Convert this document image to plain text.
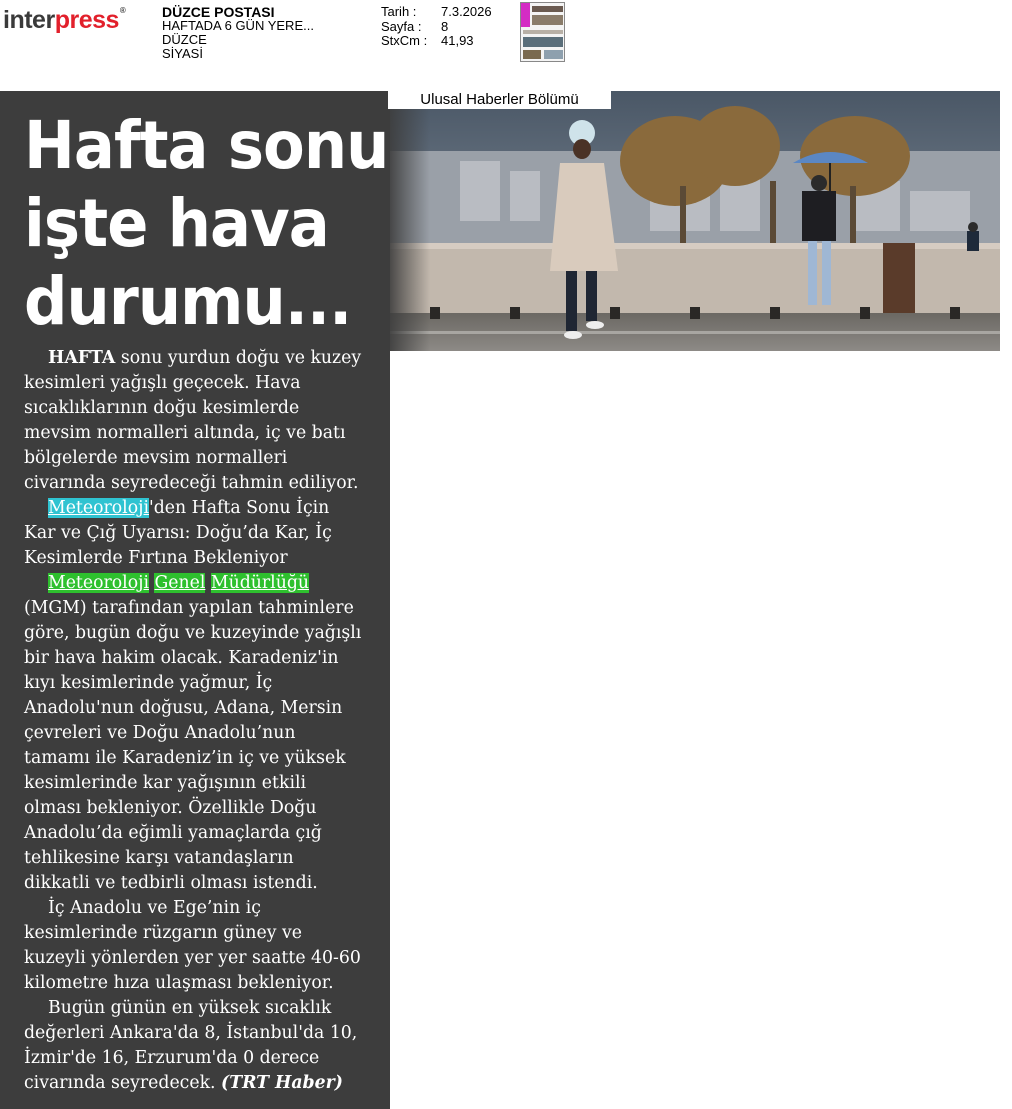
inter press ®	DÜZCE POSTASI
HAFTADA 6 GÜN YERE...
DÜZCE
SİYASİ
Tarih :	7.3.2026
Sayfa :	8
StxCm :	41,93
Hafta sonu
işte hava
durumu...

HAFTA sonu yurdun doğu ve kuzey kesimleri yağışlı geçecek. Hava sıcaklıklarının doğu kesimlerde mevsim normalleri altında, iç ve batı bölgelerde mevsim normalleri civarında seyredeceği tahmin ediliyor.

Meteoroloji'den Hafta Sonu İçin Kar ve Çığ Uyarısı: Doğu’da Kar, İç Kesimlerde Fırtına Bekleniyor

Meteoroloji Genel Müdürlüğü (MGM) tarafından yapılan tahminlere göre, bugün doğu ve kuzeyinde yağışlı bir hava hakim olacak. Karadeniz'in kıyı kesimlerinde yağmur, İç Anadolu'nun doğusu, Adana, Mersin çevreleri ve Doğu Anadolu’nun tamamı ile Karadeniz’in iç ve yüksek kesimlerinde kar yağışının etkili olması bekleniyor. Özellikle Doğu Anadolu’da eğimli yamaçlarda çığ tehlikesine karşı vatandaşların dikkatli ve tedbirli olması istendi.

İç Anadolu ve Ege’nin iç kesimlerinde rüzgarın güney ve kuzeyli yönlerden yer yer saatte 40-60 kilometre hıza ulaşması bekleniyor.

Bugün günün en yüksek sıcaklık değerleri Ankara'da 8, İstanbul'da 10, İzmir'de 16, Erzurum'da 0 derece civarında seyredecek. (TRT Haber)

Ulusal Haberler Bölümü
